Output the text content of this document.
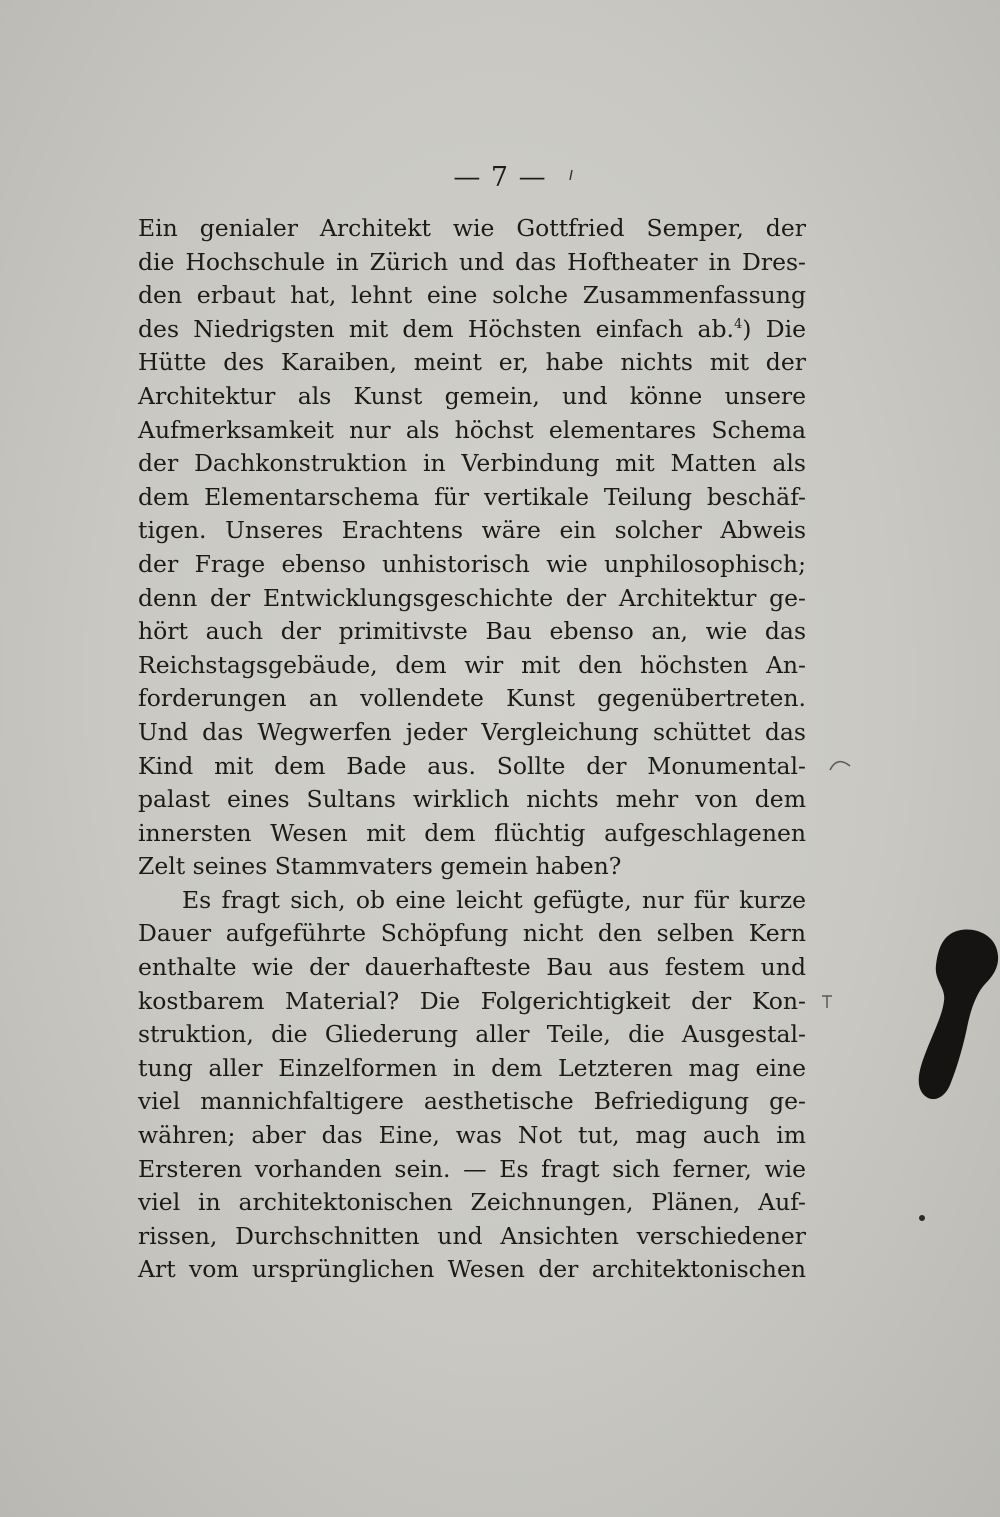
— 7 —
Ein genialer Architekt wie Gottfried Semper, der
die Hochschule in Zürich und das Hoftheater in Dres-
den erbaut hat, lehnt eine solche Zusammenfassung
des Niedrigsten mit dem Höchsten einfach ab.$^4$) Die
Hütte des Karaiben, meint er, habe nichts mit der
Architektur als Kunst gemein, und könne unsere
Aufmerksamkeit nur als höchst elementares Schema
der Dachkonstruktion in Verbindung mit Matten als
dem Elementarschema für vertikale Teilung beschäf-
tigen. Unseres Erachtens wäre ein solcher Abweis
der Frage ebenso unhistorisch wie unphilosophisch;
denn der Entwicklungsgeschichte der Architektur ge-
hört auch der primitivste Bau ebenso an, wie das
Reichstagsgebäude, dem wir mit den höchsten An-
forderungen an vollendete Kunst gegenübertreten.
Und das Wegwerfen jeder Vergleichung schüttet das
Kind mit dem Bade aus. Sollte der Monumental-
palast eines Sultans wirklich nichts mehr von dem
innersten Wesen mit dem flüchtig aufgeschlagenen
Zelt seines Stammvaters gemein haben?
Es fragt sich, ob eine leicht gefügte, nur für kurze
Dauer aufgeführte Schöpfung nicht den selben Kern
enthalte wie der dauerhafteste Bau aus festem und
kostbarem Material? Die Folgerichtigkeit der Kon-
struktion, die Gliederung aller Teile, die Ausgestal-
tung aller Einzelformen in dem Letzteren mag eine
viel mannichfaltigere aesthetische Befriedigung ge-
währen; aber das Eine, was Not tut, mag auch im
Ersteren vorhanden sein. — Es fragt sich ferner, wie
viel in architektonischen Zeichnungen, Plänen, Auf-
rissen, Durchschnitten und Ansichten verschiedener
Art vom ursprünglichen Wesen der architektonischen
